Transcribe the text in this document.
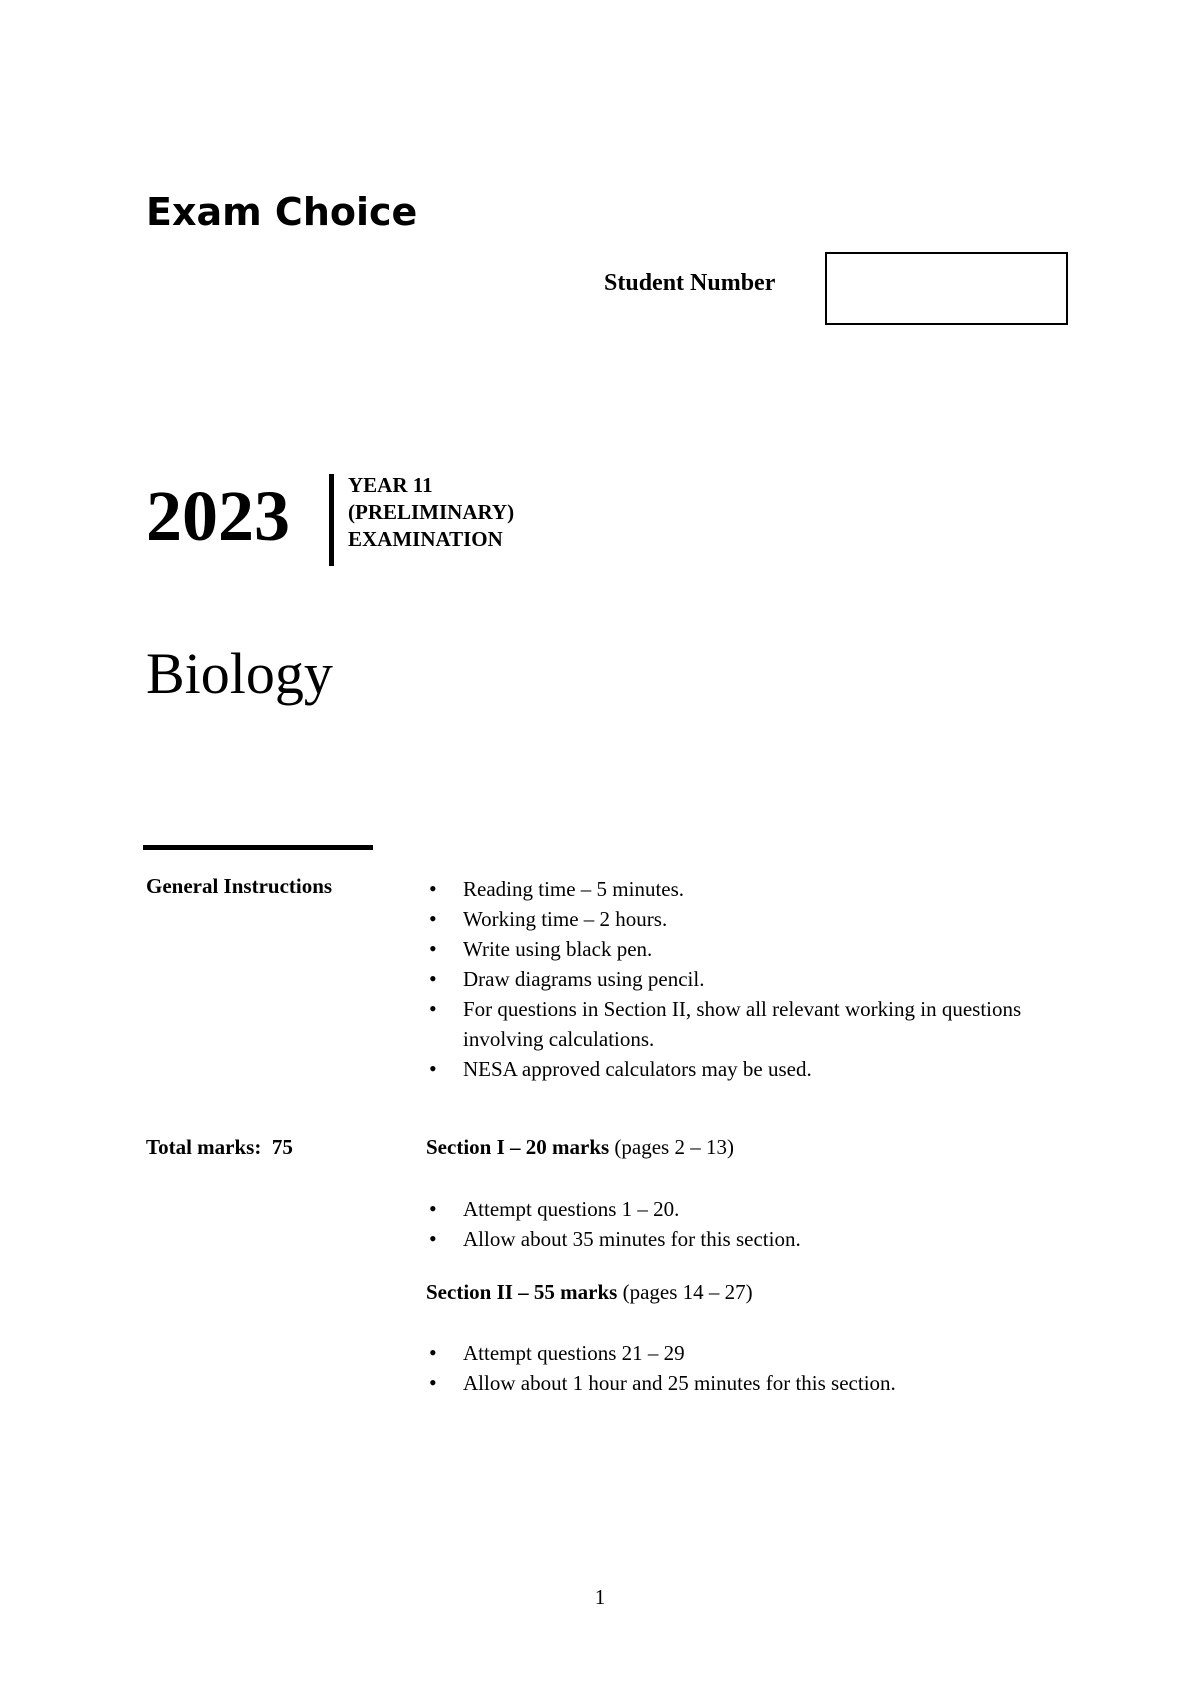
Exam Choice
Student Number
2023	YEAR 11
(PRELIMINARY)
EXAMINATION
Biology
General Instructions
•	Reading time – 5 minutes.
• Working time – 2 hours.
• Write using black pen.
• Draw diagrams using pencil.
• For questions in Section II, show all relevant working in questions involving calculations.
• NESA approved calculators may be used.
Total marks: 75	Section I – 20 marks (pages 2 – 13)
• Attempt questions 1 – 20.
• Allow about 35 minutes for this section.
Section II – 55 marks (pages 14 – 27)
• Attempt questions 21 – 29
• Allow about 1 hour and 25 minutes for this section.
1
